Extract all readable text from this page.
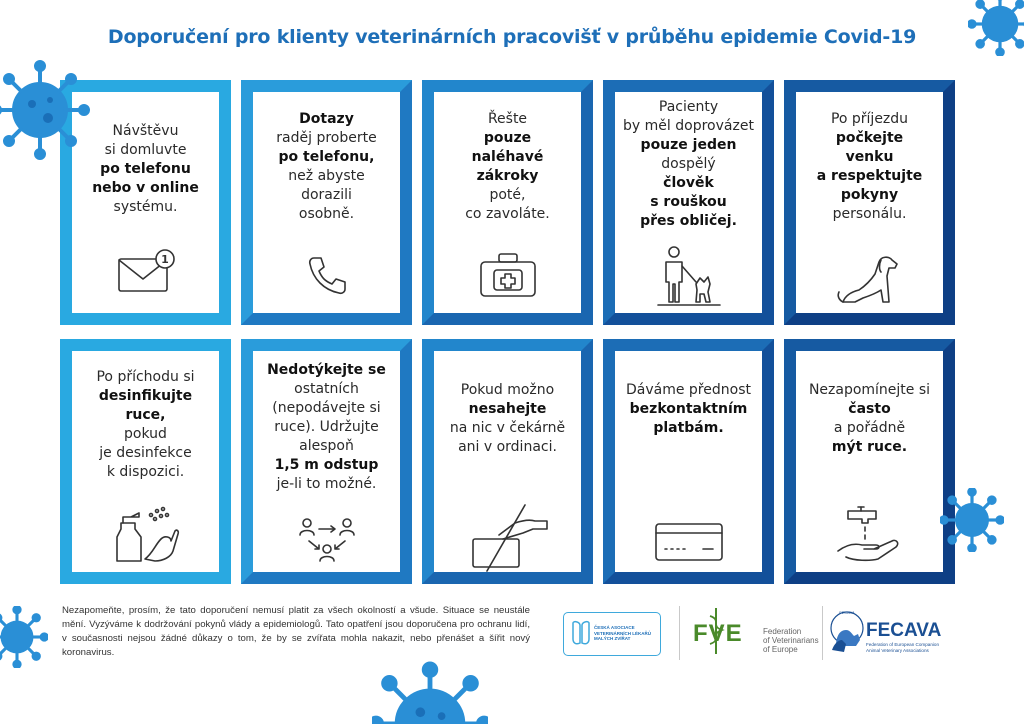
Doporučení pro klienty veterinárních pracovišť v průběhu epidemie Covid-19
Návštěvu
si domluvte
po telefonu
nebo v online
systému.
1
Dotazy
raděj proberte
po telefonu,
než abyste
dorazili
osobně.
Řešte
pouze
naléhavé
zákroky
poté,
co zavoláte.
Pacienty
by měl doprovázet
pouze jeden
dospělý
člověk
s rouškou
přes obličej.
Po příjezdu
počkejte
venku
a respektujte
pokyny
personálu.
Po příchodu si
desinfikujte
ruce,
pokud
je desinfekce
k dispozici.
Nedotýkejte se
ostatních
(nepodávejte si
ruce). Udržujte
alespoň
1,5 m odstup
je-li to možné.
Pokud možno
nesahejte
na nic v čekárně
ani v ordinaci.
Dáváme přednost
bezkontaktním
platbám.
Nezapomínejte si
často
a pořádně
mýt ruce.
Nezapomeňte, prosím, že tato doporučení nemusí platit za všech okolností a všude. Situace se neustále mění. Vyzýváme k dodržování pokynů vlády a epidemiologů. Tato opatření jsou doporučena pro ochranu lidí, v současnosti nejsou žádné důkazy o tom, že by se zvířata mohla nakazit, nebo přenášet a šířit nový koronavirus.
ČESKÁ ASOCIACE
VETERINÁRNÍCH LÉKAŘŮ
MALÝCH ZVÍŘAT	FVE	Federation
of Veterinarians
of Europe
FECAVA
FECAVA
Federation of European Companion
Animal Veterinary Associations
